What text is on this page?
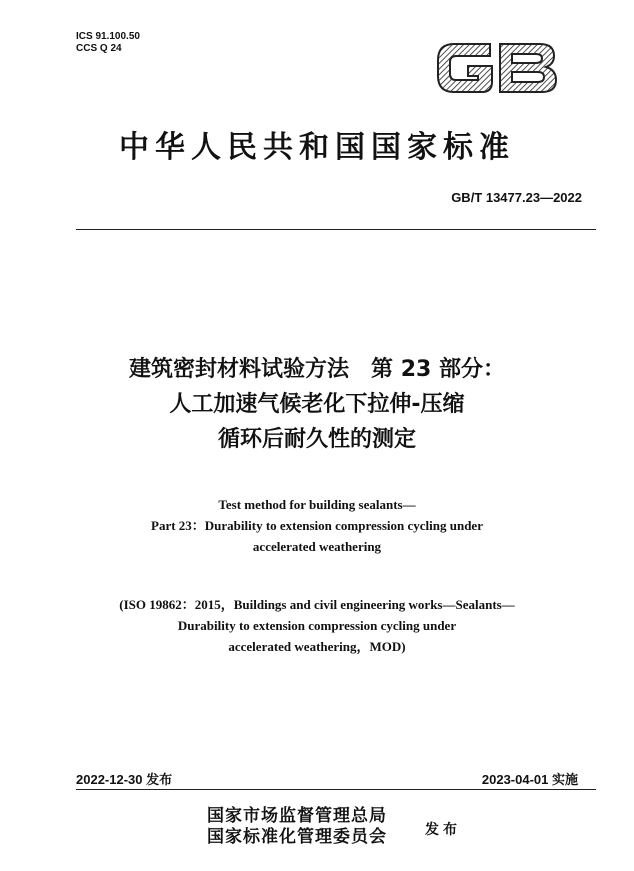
ICS 91.100.50
CCS Q 24
中华人民共和国国家标准
GB/T 13477.23—2022
建筑密封材料试验方法　第 23 部分：
人工加速气候老化下拉伸-压缩
循环后耐久性的测定
Test method for building sealants—
Part 23：Durability to extension compression cycling under
accelerated weathering
(ISO 19862：2015，Buildings and civil engineering works—Sealants—
Durability to extension compression cycling under
accelerated weathering，MOD)
2022-12-30 发布	2023-04-01 实施
国家市场监督管理总局
国家标准化管理委员会	发布
